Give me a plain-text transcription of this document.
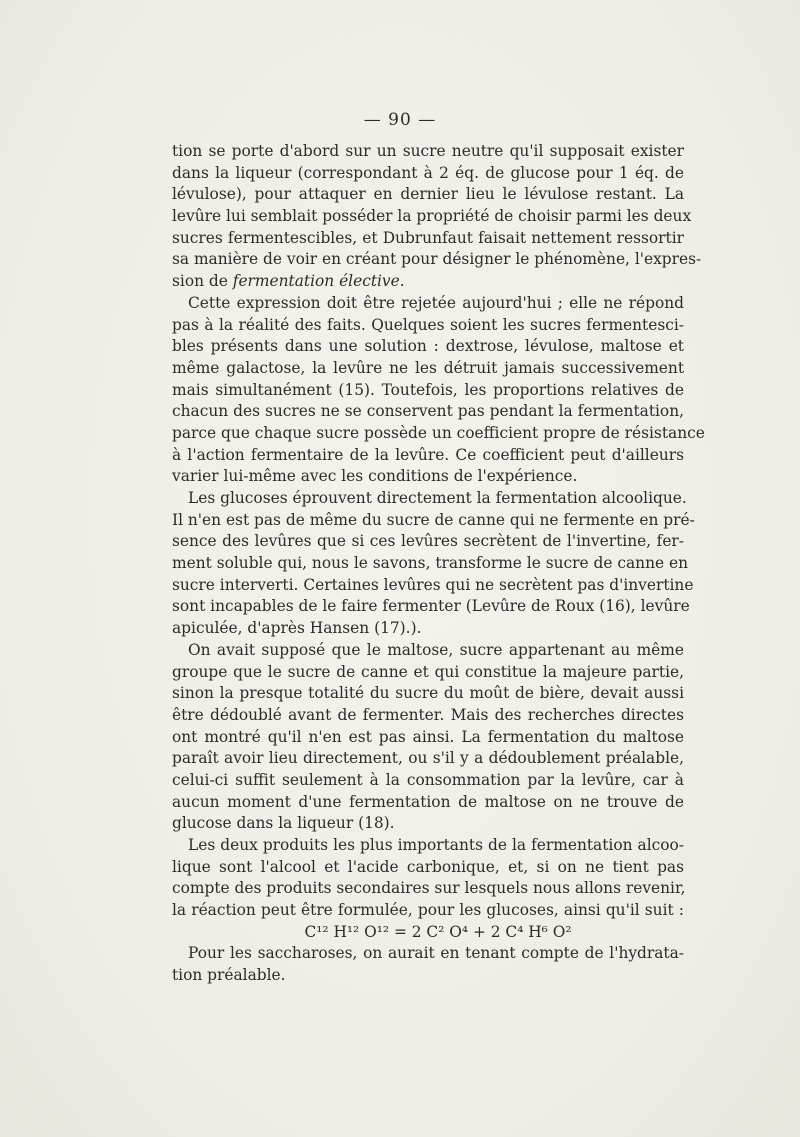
— 90 —
tion se porte d'abord sur un sucre neutre qu'il supposait exister
dans la liqueur (correspondant à 2 éq. de glucose pour 1 éq. de
lévulose), pour attaquer en dernier lieu le lévulose restant. La
levûre lui semblait posséder la propriété de choisir parmi les deux
sucres fermentescibles, et Dubrunfaut faisait nettement ressortir
sa manière de voir en créant pour désigner le phénomène, l'expres-
sion de fermentation élective.
Cette expression doit être rejetée aujourd'hui ; elle ne répond
pas à la réalité des faits. Quelques soient les sucres fermentesci-
bles présents dans une solution : dextrose, lévulose, maltose et
même galactose, la levûre ne les détruit jamais successivement
mais simultanément (15). Toutefois, les proportions relatives de
chacun des sucres ne se conservent pas pendant la fermentation,
parce que chaque sucre possède un coefficient propre de résistance
à l'action fermentaire de la levûre. Ce coefficient peut d'ailleurs
varier lui-même avec les conditions de l'expérience.
Les glucoses éprouvent directement la fermentation alcoolique.
Il n'en est pas de même du sucre de canne qui ne fermente en pré-
sence des levûres que si ces levûres secrètent de l'invertine, fer-
ment soluble qui, nous le savons, transforme le sucre de canne en
sucre interverti. Certaines levûres qui ne secrètent pas d'invertine
sont incapables de le faire fermenter (Levûre de Roux (16), levûre
apiculée, d'après Hansen (17).).
On avait supposé que le maltose, sucre appartenant au même
groupe que le sucre de canne et qui constitue la majeure partie,
sinon la presque totalité du sucre du moût de bière, devait aussi
être dédoublé avant de fermenter. Mais des recherches directes
ont montré qu'il n'en est pas ainsi. La fermentation du maltose
paraît avoir lieu directement, ou s'il y a dédoublement préalable,
celui-ci suffit seulement à la consommation par la levûre, car à
aucun moment d'une fermentation de maltose on ne trouve de
glucose dans la liqueur (18).
Les deux produits les plus importants de la fermentation alcoo-
lique sont l'alcool et l'acide carbonique, et, si on ne tient pas
compte des produits secondaires sur lesquels nous allons revenir,
la réaction peut être formulée, pour les glucoses, ainsi qu'il suit :
C¹² H¹² O¹² = 2 C² O⁴ + 2 C⁴ H⁶ O²
Pour les saccharoses, on aurait en tenant compte de l'hydrata-
tion préalable.
